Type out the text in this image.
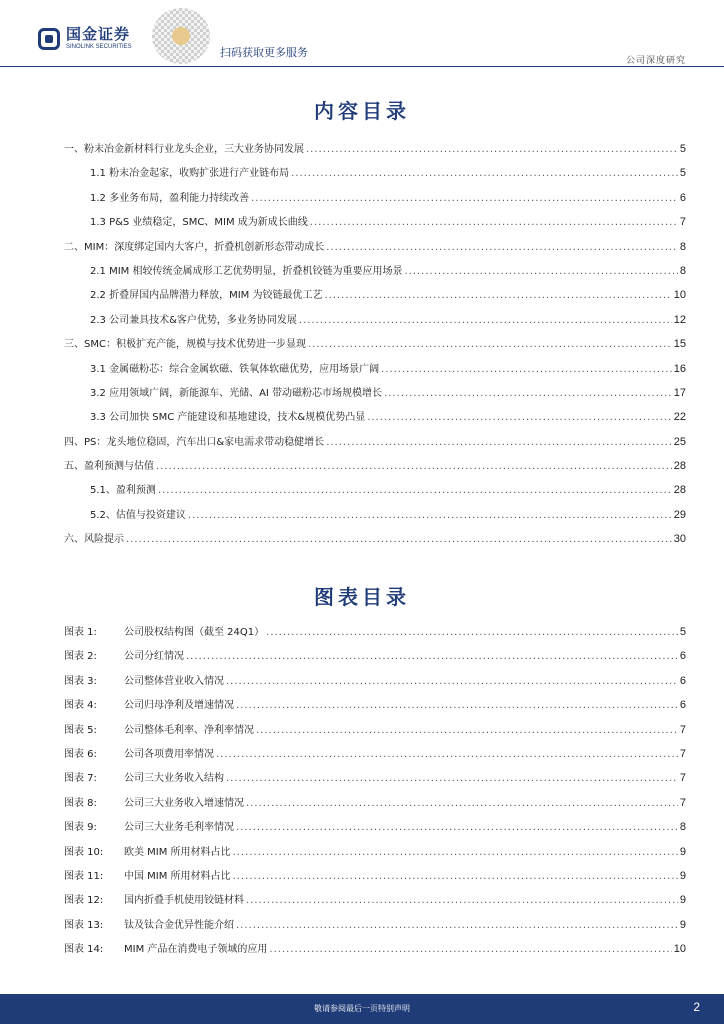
国金证券
SINOLINK SECURITIES	扫码获取更多服务
公司深度研究
内容目录
一、粉末冶金新材料行业龙头企业，三大业务协同发展 .....	5
1.1 粉末冶金起家，收购扩张进行产业链布局 .....	5
1.2 多业务布局，盈利能力持续改善 .....	6
1.3 P&S 业绩稳定，SMC、MIM 成为新成长曲线 .....	7
二、MIM：深度绑定国内大客户，折叠机创新形态带动成长 .....	8
2.1 MIM 相较传统金属成形工艺优势明显，折叠机铰链为重要应用场景 .....	8
2.2 折叠屏国内品牌潜力释放，MIM 为铰链最优工艺 .....	10
2.3 公司兼具技术&客户优势，多业务协同发展 .....	12
三、SMC：积极扩充产能，规模与技术优势进一步显现 .....	15
3.1 金属磁粉芯：综合金属软磁、铁氧体软磁优势，应用场景广阔 .....	16
3.2 应用领域广阔，新能源车、光储、AI 带动磁粉芯市场规模增长 .....	17
3.3 公司加快 SMC 产能建设和基地建设，技术&规模优势凸显 .....	22
四、PS：龙头地位稳固，汽车出口&家电需求带动稳健增长 .....	25
五、盈利预测与估值 .....	28
5.1、盈利预测 .....	28
5.2、估值与投资建议 .....	29
六、风险提示 .....	30
图表目录
图表 1:	公司股权结构图（截至 24Q1） .....	5
图表 2:	公司分红情况 .....	6
图表 3:	公司整体营业收入情况 .....	6
图表 4:	公司归母净利及增速情况 .....	6
图表 5:	公司整体毛利率、净利率情况 .....	7
图表 6:	公司各项费用率情况 .....	7
图表 7:	公司三大业务收入结构 .....	7
图表 8:	公司三大业务收入增速情况 .....	7
图表 9:	公司三大业务毛利率情况 .....	8
图表 10:	欧美 MIM 所用材料占比 .....	9
图表 11:	中国 MIM 所用材料占比 .....	9
图表 12:	国内折叠手机使用铰链材料 .....	9
图表 13:	钛及钛合金优异性能介绍 .....	9
图表 14:	MIM 产品在消费电子领域的应用 .....	10
敬请参阅最后一页特别声明	2
